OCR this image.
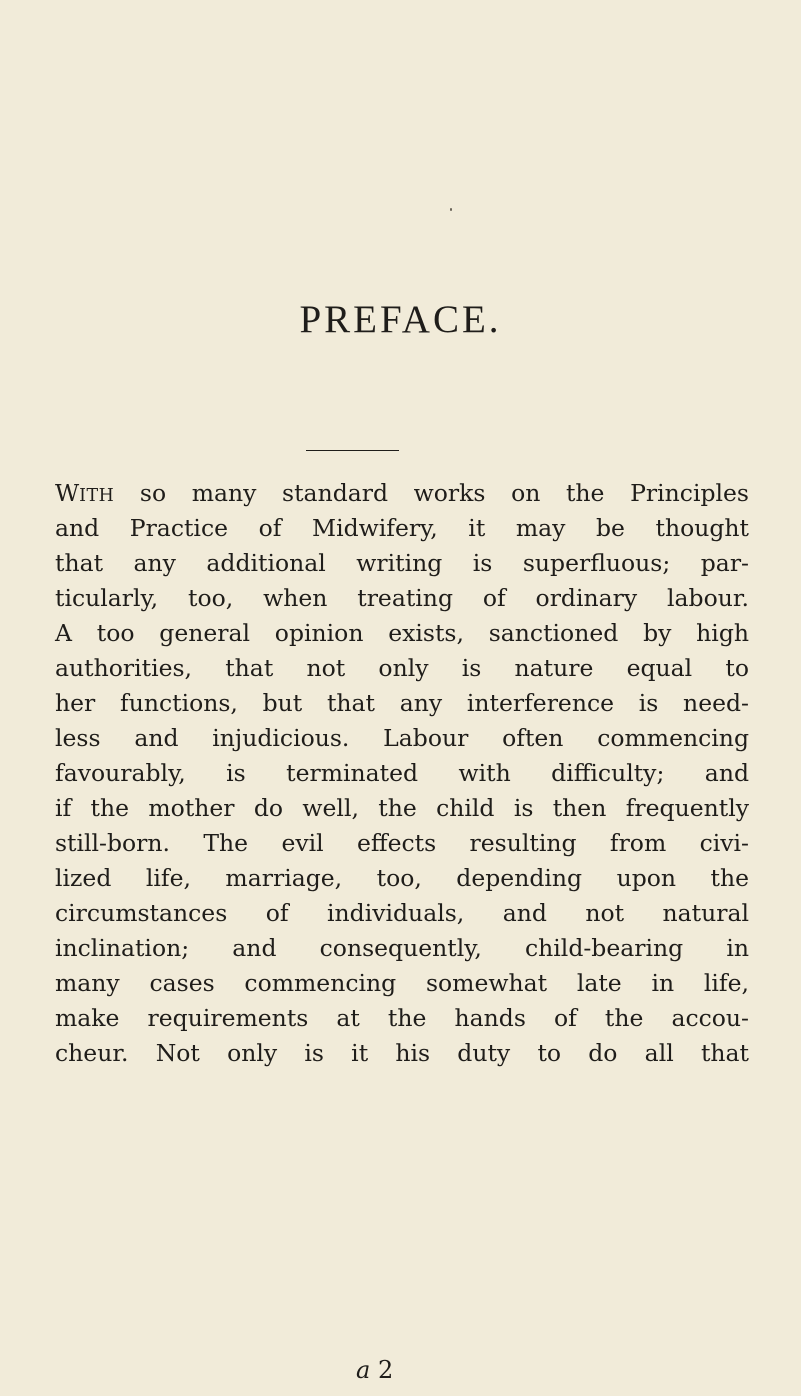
PREFACE.
WITH so many standard works on the Principles
and Practice of Midwifery, it may be thought
that any additional writing is superfluous; par-
ticularly, too, when treating of ordinary labour.
A too general opinion exists, sanctioned by high
authorities, that not only is nature equal to
her functions, but that any interference is need-
less and injudicious. Labour often commencing
favourably, is terminated with difficulty; and
if the mother do well, the child is then frequently
still-born. The evil effects resulting from civi-
lized life, marriage, too, depending upon the
circumstances of individuals, and not natural
inclination; and consequently, child-bearing in
many cases commencing somewhat late in life,
make requirements at the hands of the accou-
cheur. Not only is it his duty to do all that
a 2
